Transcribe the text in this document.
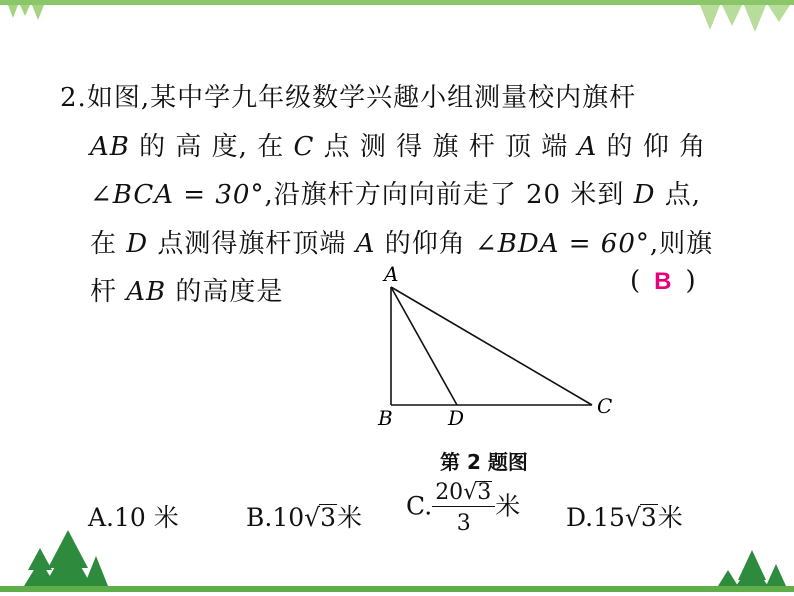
2.如图,某中学九年级数学兴趣小组测量校内旗杆
AB 的 高 度, 在 C 点 测 得 旗 杆 顶 端 A 的 仰 角
∠BCA = 30°,沿旗杆方向向前走了 20 米到 D 点,
在 D 点测得旗杆顶端 A 的仰角 ∠BDA = 60°,则旗
杆 AB 的高度是	( B )
A
B	D	C
第 2 题图
A.10 米	B.10√3米 C. $\frac{20√3}{3}$ 米 D.15√3米
